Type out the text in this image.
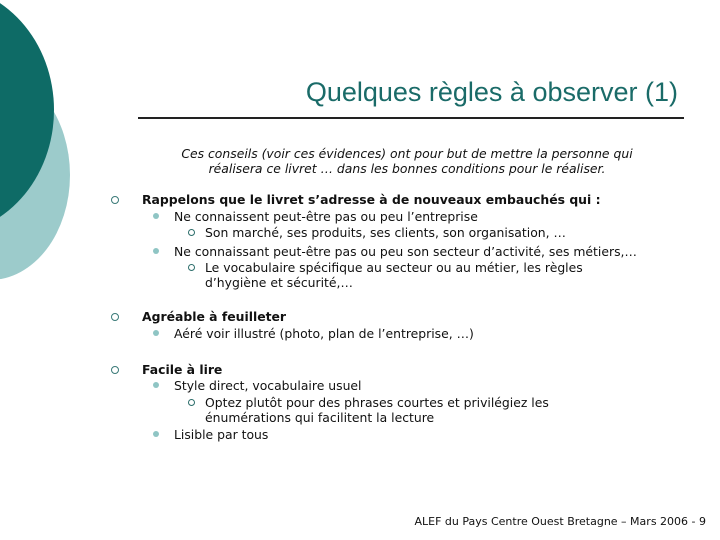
Quelques règles à observer (1)
Ces conseils (voir ces évidences) ont pour but de mettre la personne qui
réalisera ce livret … dans les bonnes conditions pour le réaliser.
Rappelons que le livret s’adresse à de nouveaux embauchés qui :
Ne connaissent peut-être pas ou peu l’entreprise
Son marché, ses produits, ses clients, son organisation, …
Ne connaissant peut-être pas ou peu son secteur d’activité, ses métiers,…
Le vocabulaire spécifique au secteur ou au métier, les règles
d’hygiène et sécurité,…
Agréable à feuilleter
Aéré voir illustré (photo, plan de l’entreprise, …)
Facile à lire
Style direct, vocabulaire usuel
Optez plutôt pour des phrases courtes et privilégiez les
énumérations qui facilitent la lecture
Lisible par tous
ALEF du Pays Centre Ouest Bretagne – Mars 2006 - 9
